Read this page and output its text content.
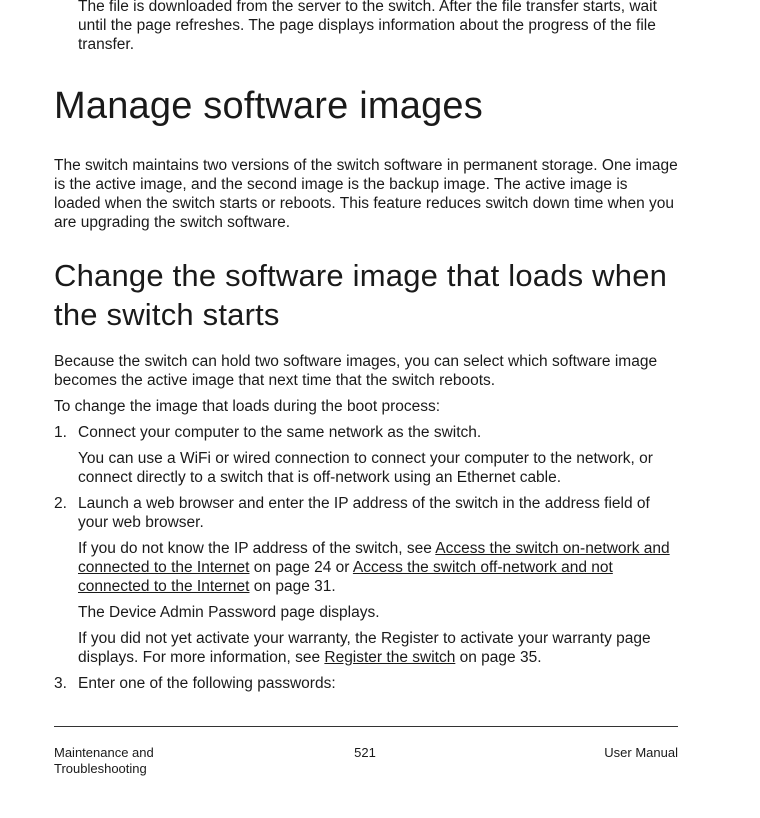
The file is downloaded from the server to the switch. After the file transfer starts, wait until the page refreshes. The page displays information about the progress of the file transfer.

Manage software images

The switch maintains two versions of the switch software in permanent storage. One image is the active image, and the second image is the backup image. The active image is loaded when the switch starts or reboots. This feature reduces switch down time when you are upgrading the switch software.

Change the software image that loads when the switch starts

Because the switch can hold two software images, you can select which software image becomes the active image that next time that the switch reboots.

To change the image that loads during the boot process:

1. Connect your computer to the same network as the switch.

You can use a WiFi or wired connection to connect your computer to the network, or connect directly to a switch that is off-network using an Ethernet cable.

2. Launch a web browser and enter the IP address of the switch in the address field of your web browser.

If you do not know the IP address of the switch, see Access the switch on-network and connected to the Internet on page 24 or Access the switch off-network and not connected to the Internet on page 31.

The Device Admin Password page displays.

If you did not yet activate your warranty, the Register to activate your warranty page displays. For more information, see Register the switch on page 35.

3. Enter one of the following passwords:

Maintenance and Troubleshooting
521	User Manual
